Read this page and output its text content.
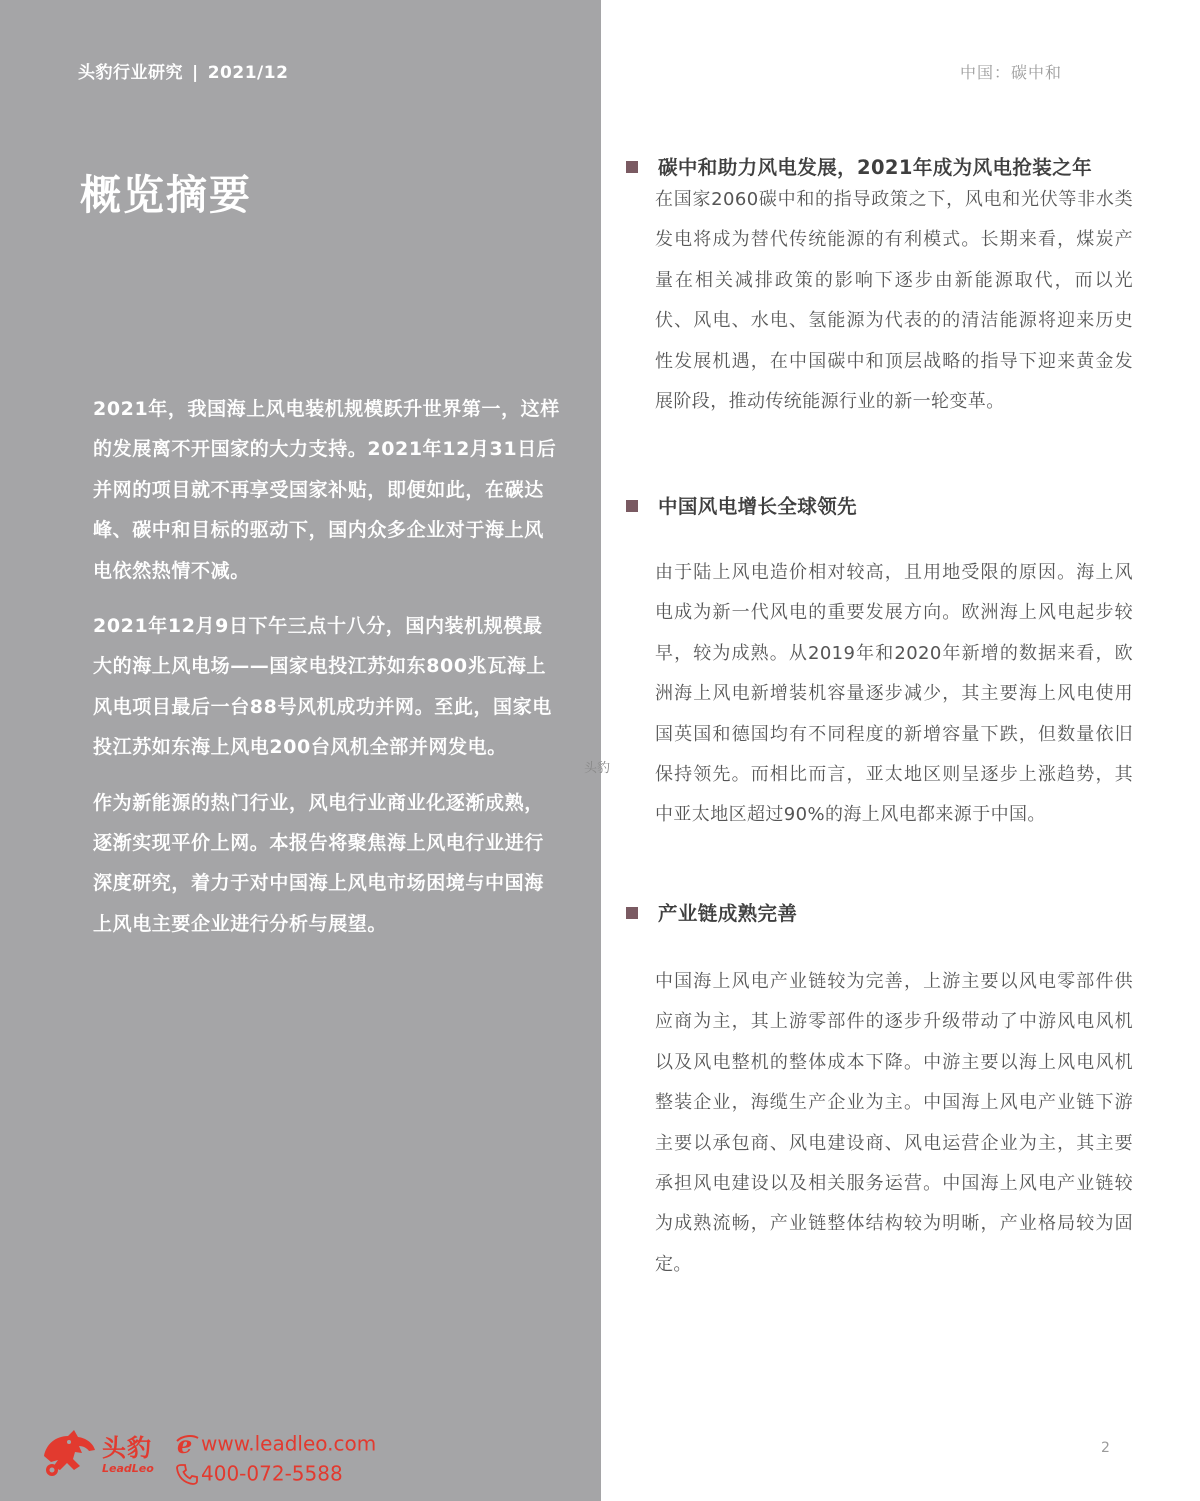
头豹行业研究 | 2021/12
概览摘要

2021年，我国海上风电装机规模跃升世界第一，这样的发展离不开国家的大力支持。2021年12月31日后并网的项目就不再享受国家补贴，即便如此，在碳达峰、碳中和目标的驱动下，国内众多企业对于海上风电依然热情不减。

2021年12月9日下午三点十八分，国内装机规模最大的海上风电场——国家电投江苏如东800兆瓦海上风电项目最后一台88号风机成功并网。至此，国家电投江苏如东海上风电200台风机全部并网发电。

作为新能源的热门行业，风电行业商业化逐渐成熟，逐渐实现平价上网。本报告将聚焦海上风电行业进行深度研究，着力于对中国海上风电市场困境与中国海上风电主要企业进行分析与展望。

头豹
LeadLeo
e www.leadleo.com
400-072-5588
头豹
中国：碳中和
碳中和助力风电发展，2021年成为风电抢装之年

在国家2060碳中和的指导政策之下，风电和光伏等非水类发电将成为替代传统能源的有利模式。长期来看，煤炭产量在相关减排政策的影响下逐步由新能源取代，而以光伏、风电、水电、氢能源为代表的的清洁能源将迎来历史性发展机遇，在中国碳中和顶层战略的指导下迎来黄金发展阶段，推动传统能源行业的新一轮变革。

中国风电增长全球领先

由于陆上风电造价相对较高，且用地受限的原因。海上风电成为新一代风电的重要发展方向。欧洲海上风电起步较早，较为成熟。从2019年和2020年新增的数据来看，欧洲海上风电新增装机容量逐步减少，其主要海上风电使用国英国和德国均有不同程度的新增容量下跌，但数量依旧保持领先。而相比而言，亚太地区则呈逐步上涨趋势，其中亚太地区超过90%的海上风电都来源于中国。

产业链成熟完善

中国海上风电产业链较为完善，上游主要以风电零部件供应商为主，其上游零部件的逐步升级带动了中游风电风机以及风电整机的整体成本下降。中游主要以海上风电风机整装企业，海缆生产企业为主。中国海上风电产业链下游主要以承包商、风电建设商、风电运营企业为主，其主要承担风电建设以及相关服务运营。中国海上风电产业链较为成熟流畅，产业链整体结构较为明晰，产业格局较为固定。

2
